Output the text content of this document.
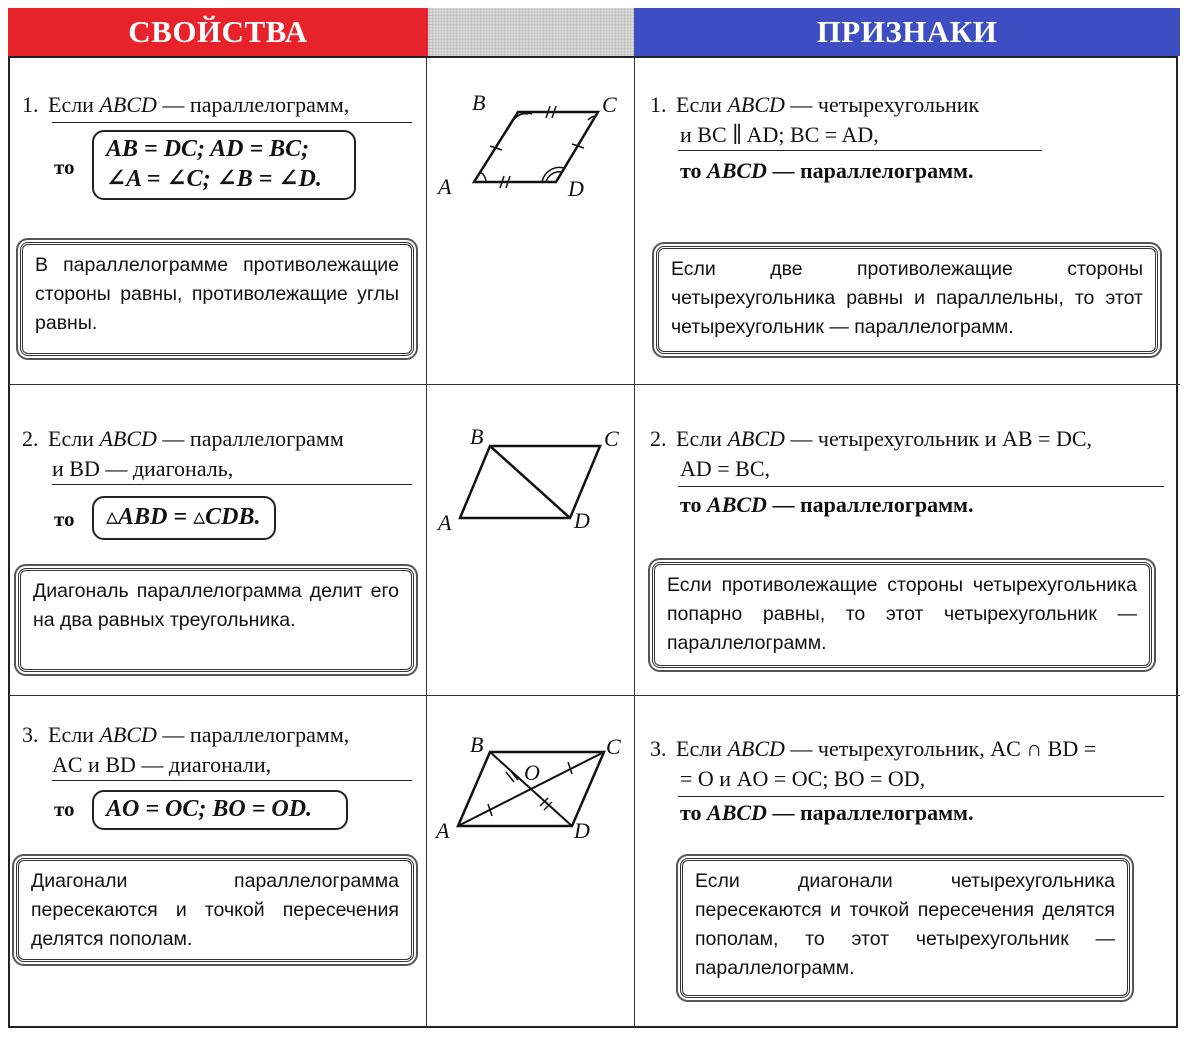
СВОЙСТВА	ПРИЗНАКИ
1. Если ABCD — параллелограмм,
то
AB = DC; AD = BC;
∠A = ∠C; ∠B = ∠D.
В параллелограмме противолежащие стороны равны, противолежащие углы равны.
A
B	C
D
1. Если ABCD — четырехугольник
и BC ∥ AD; BC = AD,
то ABCD — параллелограмм.
Если две противолежащие стороны четырехугольника равны и параллельны, то этот четырехугольник — параллелограмм.
2. Если ABCD — параллелограмм
и BD — диагональ,
то	▵ABD = ▵CDB.
Диагональ параллелограмма делит его на два равных треугольника.
A
B	C
D
2. Если ABCD — четырехугольник и AB = DC,
AD = BC,
то ABCD — параллелограмм.
Если противолежащие стороны четырехугольника попарно равны, то этот четырехугольник — параллелограмм.
3. Если ABCD — параллелограмм,
AC и BD — диагонали,
то	AO = OC; BO = OD.
Диагонали параллелограмма пересекаются и точкой пересечения делятся пополам.
A
B	C
D
O
3. Если ABCD — четырехугольник, AC ∩ BD =
= O и AO = OC; BO = OD,
то ABCD — параллелограмм.
Если диагонали четырехугольника пересекаются и точкой пересечения делятся пополам, то этот четырехугольник — параллелограмм.
